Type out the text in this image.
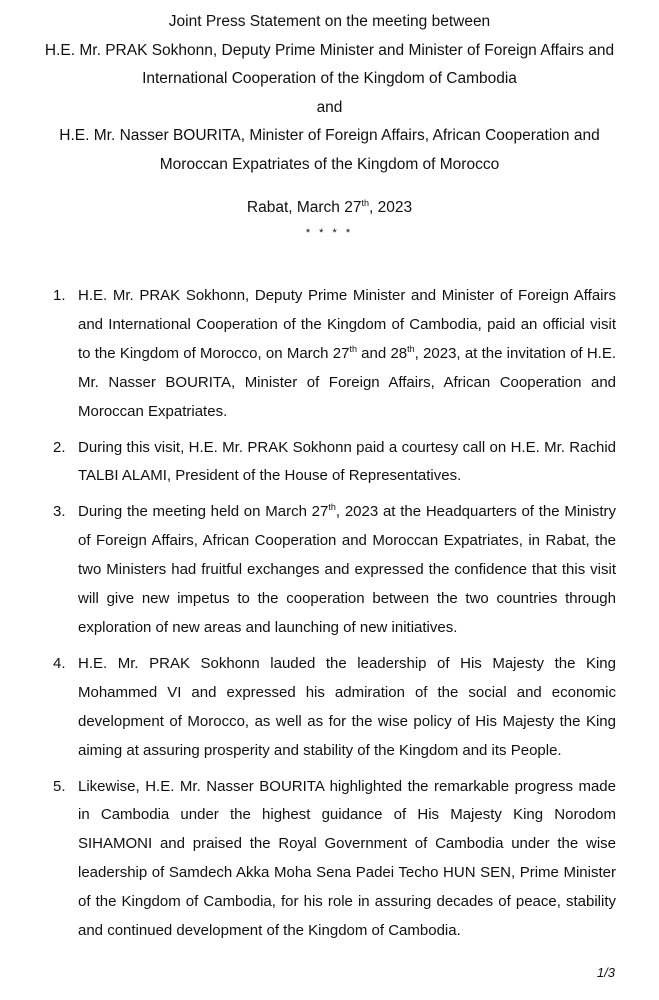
Joint Press Statement on the meeting between
H.E. Mr. PRAK Sokhonn, Deputy Prime Minister and Minister of Foreign Affairs and
International Cooperation of the Kingdom of Cambodia
and
H.E. Mr. Nasser BOURITA, Minister of Foreign Affairs, African Cooperation and
Moroccan Expatriates of the Kingdom of Morocco
Rabat, March 27th, 2023
* * * *
1. H.E. Mr. PRAK Sokhonn, Deputy Prime Minister and Minister of Foreign Affairs and International Cooperation of the Kingdom of Cambodia, paid an official visit to the Kingdom of Morocco, on March 27th and 28th, 2023, at the invitation of H.E. Mr. Nasser BOURITA, Minister of Foreign Affairs, African Cooperation and Moroccan Expatriates.
2. During this visit, H.E. Mr. PRAK Sokhonn paid a courtesy call on H.E. Mr. Rachid TALBI ALAMI, President of the House of Representatives.
3. During the meeting held on March 27th, 2023 at the Headquarters of the Ministry of Foreign Affairs, African Cooperation and Moroccan Expatriates, in Rabat, the two Ministers had fruitful exchanges and expressed the confidence that this visit will give new impetus to the cooperation between the two countries through exploration of new areas and launching of new initiatives.
4. H.E. Mr. PRAK Sokhonn lauded the leadership of His Majesty the King Mohammed VI and expressed his admiration of the social and economic development of Morocco, as well as for the wise policy of His Majesty the King aiming at assuring prosperity and stability of the Kingdom and its People.
5. Likewise, H.E. Mr. Nasser BOURITA highlighted the remarkable progress made in Cambodia under the highest guidance of His Majesty King Norodom SIHAMONI and praised the Royal Government of Cambodia under the wise leadership of Samdech Akka Moha Sena Padei Techo HUN SEN, Prime Minister of the Kingdom of Cambodia, for his role in assuring decades of peace, stability and continued development of the Kingdom of Cambodia.
1/3
